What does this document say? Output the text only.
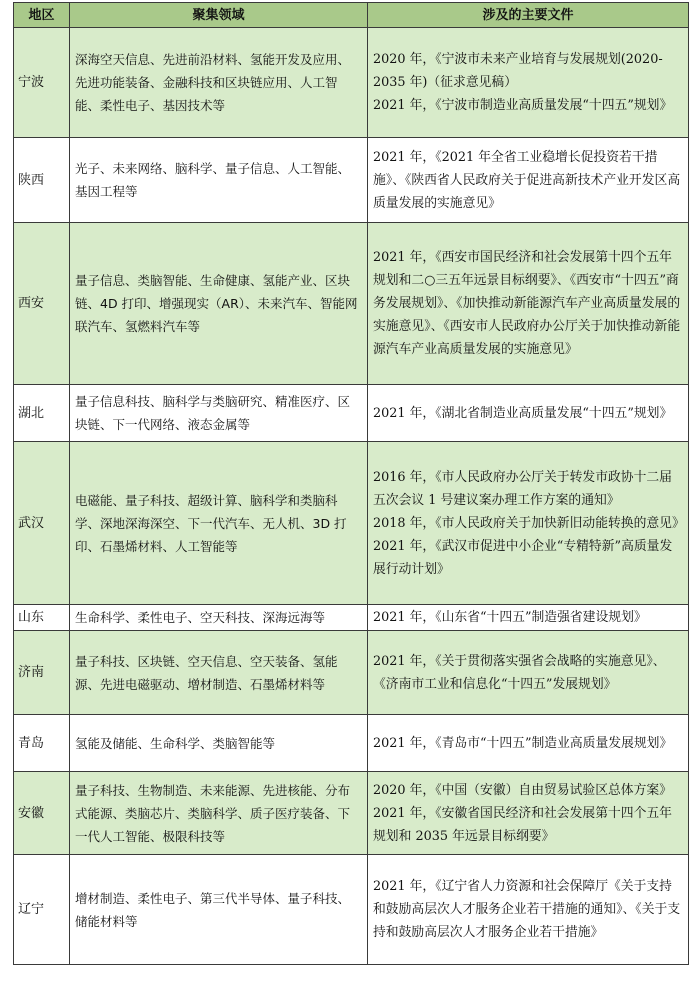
地区	聚集领域	涉及的主要文件
宁波	深海空天信息、先进前沿材料、氢能开发及应用、先进功能装备、金融科技和区块链应用、人工智能、柔性电子、基因技术等	2020 年，《宁波市未来产业培育与发展规划(2020-2035 年)（征求意见稿）

2021 年，《宁波市制造业高质量发展“十四五”规划》

陕西	光子、未来网络、脑科学、量子信息、人工智能、基因工程等	2021 年，《2021 年全省工业稳增长促投资若干措施》、《陕西省人民政府关于促进高新技术产业开发区高质量发展的实施意见》

西安	量子信息、类脑智能、生命健康、氢能产业、区块链、4D 打印、增强现实（AR）、未来汽车、智能网联汽车、氢燃料汽车等	2021 年，《西安市国民经济和社会发展第十四个五年规划和二○三五年远景目标纲要》、《西安市“十四五”商务发展规划》、《加快推动新能源汽车产业高质量发展的实施意见》、《西安市人民政府办公厅关于加快推动新能源汽车产业高质量发展的实施意见》

湖北	量子信息科技、脑科学与类脑研究、精准医疗、区块链、下一代网络、液态金属等	2021 年，《湖北省制造业高质量发展“十四五”规划》

武汉	电磁能、量子科技、超级计算、脑科学和类脑科学、深地深海深空、下一代汽车、无人机、3D 打印、石墨烯材料、人工智能等	2016 年，《市人民政府办公厅关于转发市政协十二届五次会议 1 号建议案办理工作方案的通知》

2018 年，《市人民政府关于加快新旧动能转换的意见》

2021 年，《武汉市促进中小企业“专精特新”高质量发展行动计划》

山东	生命科学、柔性电子、空天科技、深海远海等	2021 年，《山东省“十四五”制造强省建设规划》

济南	量子科技、区块链、空天信息、空天装备、氢能源、先进电磁驱动、增材制造、石墨烯材料等	2021 年，《关于贯彻落实强省会战略的实施意见》、《济南市工业和信息化“十四五”发展规划》

青岛	氢能及储能、生命科学、类脑智能等	2021 年，《青岛市“十四五”制造业高质量发展规划》

安徽	量子科技、生物制造、未来能源、先进核能、分布式能源、类脑芯片、类脑科学、质子医疗装备、下一代人工智能、极限科技等	2020 年，《中国（安徽）自由贸易试验区总体方案》

2021 年，《安徽省国民经济和社会发展第十四个五年规划和 2035 年远景目标纲要》

辽宁	增材制造、柔性电子、第三代半导体、量子科技、储能材料等	2021 年，《辽宁省人力资源和社会保障厅《关于支持和鼓励高层次人才服务企业若干措施的通知》、《关于支持和鼓励高层次人才服务企业若干措施》
